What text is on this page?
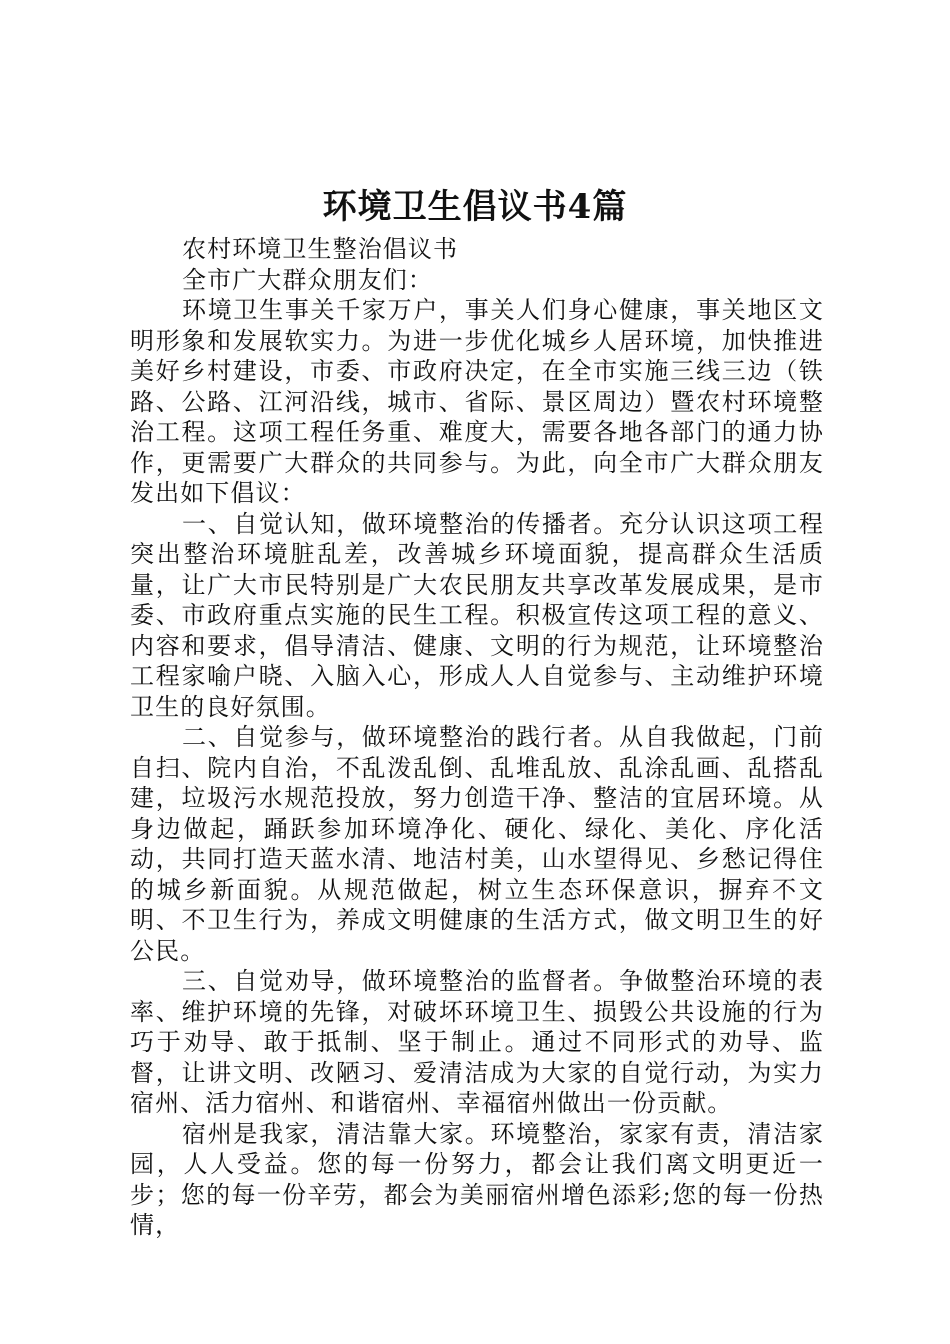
环境卫生倡议书4篇

农村环境卫生整治倡议书

全市广大群众朋友们：

环境卫生事关千家万户，事关人们身心健康，事关地区文明形象和发展软实力。为进一步优化城乡人居环境，加快推进美好乡村建设，市委、市政府决定，在全市实施三线三边（铁路、公路、江河沿线，城市、省际、景区周边）暨农村环境整治工程。这项工程任务重、难度大，需要各地各部门的通力协作，更需要广大群众的共同参与。为此，向全市广大群众朋友发出如下倡议：

一、自觉认知，做环境整治的传播者。充分认识这项工程突出整治环境脏乱差，改善城乡环境面貌，提高群众生活质量，让广大市民特别是广大农民朋友共享改革发展成果，是市委、市政府重点实施的民生工程。积极宣传这项工程的意义、内容和要求，倡导清洁、健康、文明的行为规范，让环境整治工程家喻户晓、入脑入心，形成人人自觉参与、主动维护环境卫生的良好氛围。

二、自觉参与，做环境整治的践行者。从自我做起，门前自扫、院内自治，不乱泼乱倒、乱堆乱放、乱涂乱画、乱搭乱建，垃圾污水规范投放，努力创造干净、整洁的宜居环境。从身边做起，踊跃参加环境净化、硬化、绿化、美化、序化活动，共同打造天蓝水清、地洁村美，山水望得见、乡愁记得住的城乡新面貌。从规范做起，树立生态环保意识，摒弃不文明、不卫生行为，养成文明健康的生活方式，做文明卫生的好公民。

三、自觉劝导，做环境整治的监督者。争做整治环境的表率、维护环境的先锋，对破坏环境卫生、损毁公共设施的行为巧于劝导、敢于抵制、坚于制止。通过不同形式的劝导、监督，让讲文明、改陋习、爱清洁成为大家的自觉行动，为实力宿州、活力宿州、和谐宿州、幸福宿州做出一份贡献。

宿州是我家，清洁靠大家。环境整治，家家有责，清洁家园，人人受益。您的每一份努力，都会让我们离文明更近一步；您的每一份辛劳，都会为美丽宿州增色添彩;您的每一份热情，
